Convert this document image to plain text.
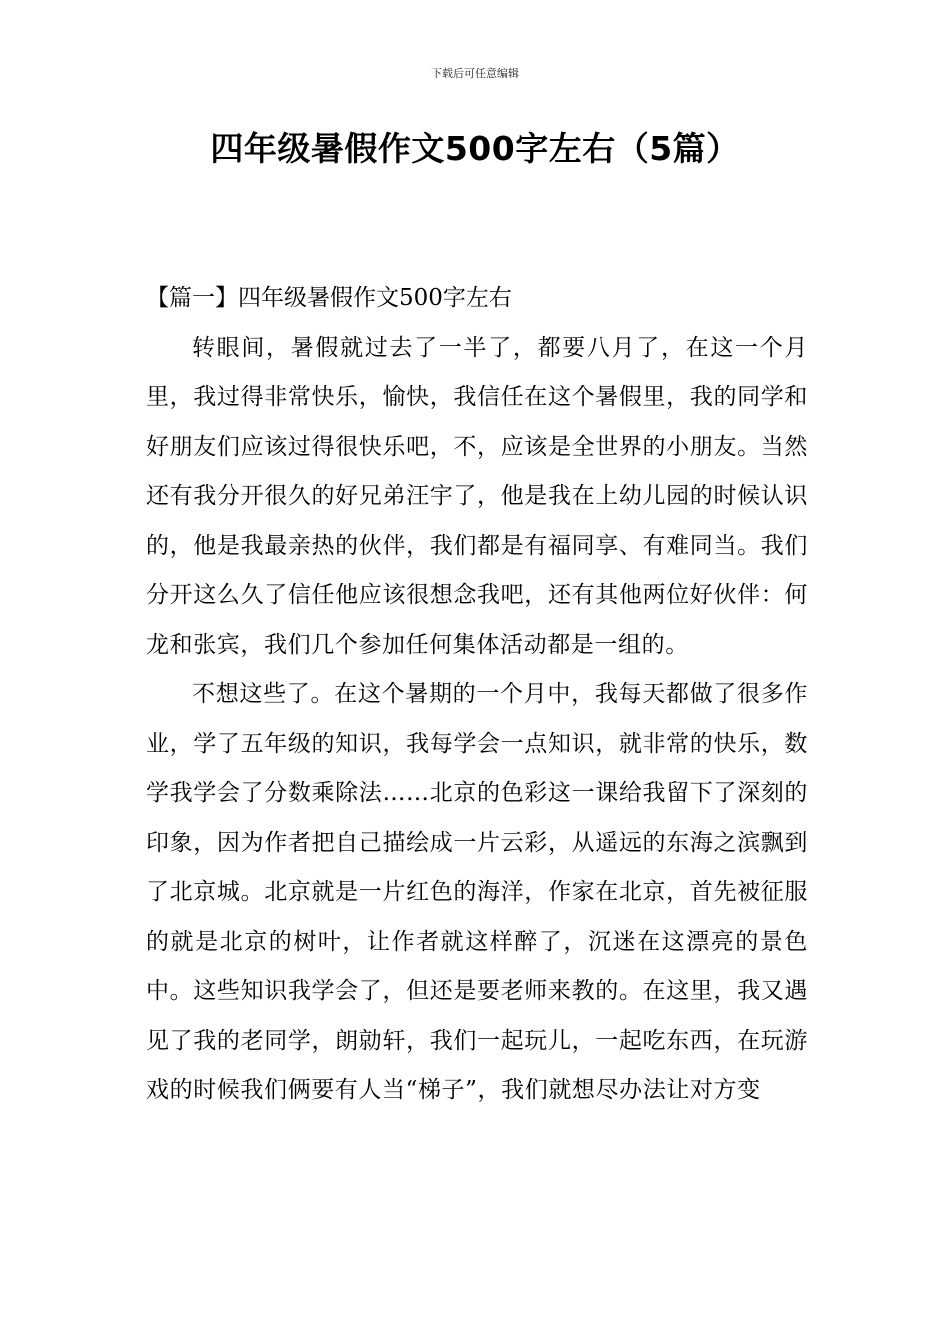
下载后可任意编辑
四年级暑假作文500字左右（5篇）

【篇一】四年级暑假作文500字左右

转眼间，暑假就过去了一半了，都要八月了，在这一个月里，我过得非常快乐，愉快，我信任在这个暑假里，我的同学和好朋友们应该过得很快乐吧，不，应该是全世界的小朋友。当然还有我分开很久的好兄弟汪宇了，他是我在上幼儿园的时候认识的，他是我最亲热的伙伴，我们都是有福同享、有难同当。我们分开这么久了信任他应该很想念我吧，还有其他两位好伙伴：何龙和张宾，我们几个参加任何集体活动都是一组的。

不想这些了。在这个暑期的一个月中，我每天都做了很多作业，学了五年级的知识，我每学会一点知识，就非常的快乐，数学我学会了分数乘除法……北京的色彩这一课给我留下了深刻的印象，因为作者把自己描绘成一片云彩，从遥远的东海之滨飘到了北京城。北京就是一片红色的海洋，作家在北京，首先被征服的就是北京的树叶，让作者就这样醉了，沉迷在这漂亮的景色中。这些知识我学会了，但还是要老师来教的。在这里，我又遇见了我的老同学，朗勍轩，我们一起玩儿，一起吃东西，在玩游戏的时候我们俩要有人当“梯子”，我们就想尽办法让对方变
